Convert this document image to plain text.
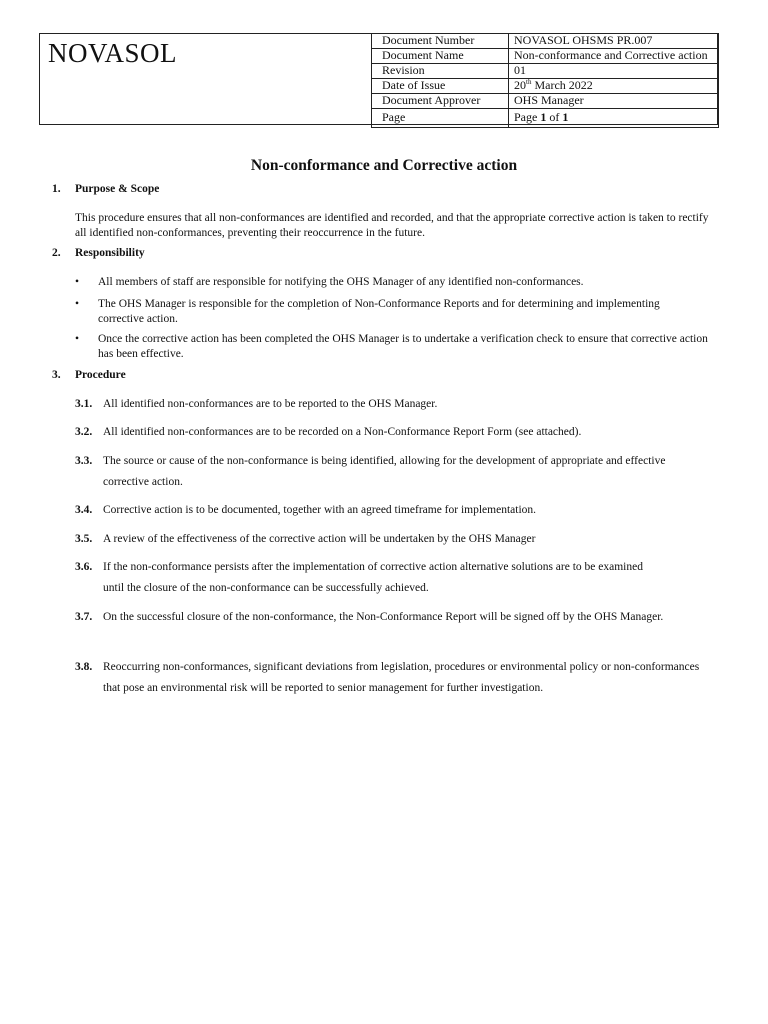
NOVASOL	Document Number	NOVASOL OHSMS PR.007
Document Name	Non-conformance and Corrective action
Revision	01
Date of Issue	20th March 2022
Document Approver	OHS Manager
Page	Page 1 of 1
Non-conformance and Corrective action
1. Purpose & Scope
This procedure ensures that all non-conformances are identified and recorded, and that the appropriate corrective action is taken to rectify all identified non-conformances, preventing their reoccurrence in the future.
2. Responsibility
• All members of staff are responsible for notifying the OHS Manager of any identified non-conformances.
• The OHS Manager is responsible for the completion of Non-Conformance Reports and for determining and implementing corrective action.
• Once the corrective action has been completed the OHS Manager is to undertake a verification check to ensure that corrective action has been effective.
3. Procedure
3.1. All identified non-conformances are to be reported to the OHS Manager.
3.2. All identified non-conformances are to be recorded on a Non-Conformance Report Form (see attached).
3.3. The source or cause of the non-conformance is being identified, allowing for the development of appropriate and effective corrective action.
3.4. Corrective action is to be documented, together with an agreed timeframe for implementation.
3.5. A review of the effectiveness of the corrective action will be undertaken by the OHS Manager
3.6. If the non-conformance persists after the implementation of corrective action alternative solutions are to be examined until the closure of the non-conformance can be successfully achieved.
3.7. On the successful closure of the non-conformance, the Non-Conformance Report will be signed off by the OHS Manager.
3.8. Reoccurring non-conformances, significant deviations from legislation, procedures or environmental policy or non-conformances that pose an environmental risk will be reported to senior management for further investigation.
